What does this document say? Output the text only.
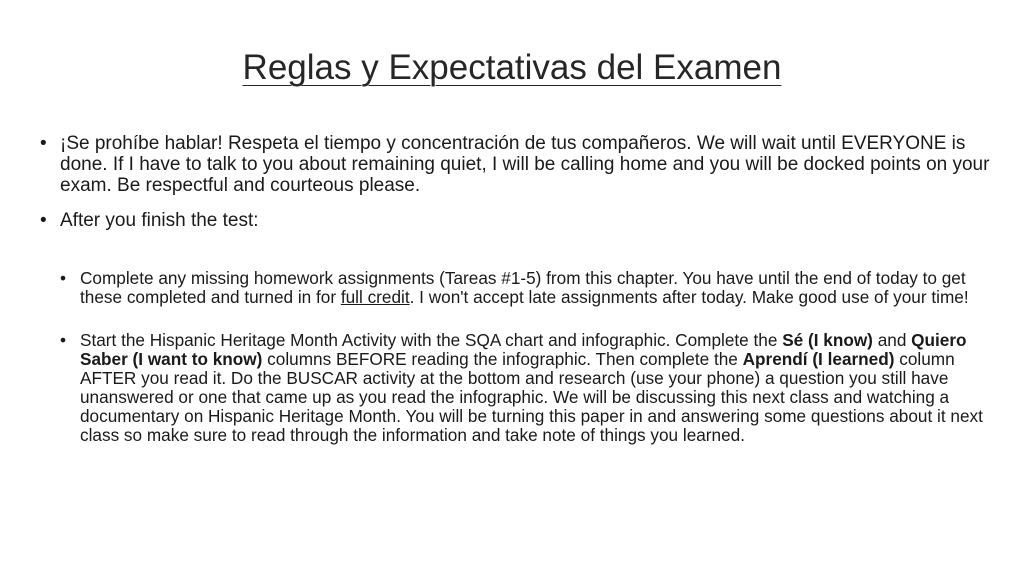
Reglas y Expectativas del Examen
• ¡Se prohíbe hablar! Respeta el tiempo y concentración de tus compañeros. We will wait until EVERYONE is done. If I have to talk to you about remaining quiet, I will be calling home and you will be docked points on your exam. Be respectful and courteous please.
• After you finish the test:
• Complete any missing homework assignments (Tareas #1-5) from this chapter. You have until the end of today to get these completed and turned in for full credit. I won't accept late assignments after today. Make good use of your time!
• Start the Hispanic Heritage Month Activity with the SQA chart and infographic. Complete the Sé (I know) and Quiero Saber (I want to know) columns BEFORE reading the infographic. Then complete the Aprendí (I learned) column AFTER you read it. Do the BUSCAR activity at the bottom and research (use your phone) a question you still have unanswered or one that came up as you read the infographic. We will be discussing this next class and watching a documentary on Hispanic Heritage Month. You will be turning this paper in and answering some questions about it next class so make sure to read through the information and take note of things you learned.
